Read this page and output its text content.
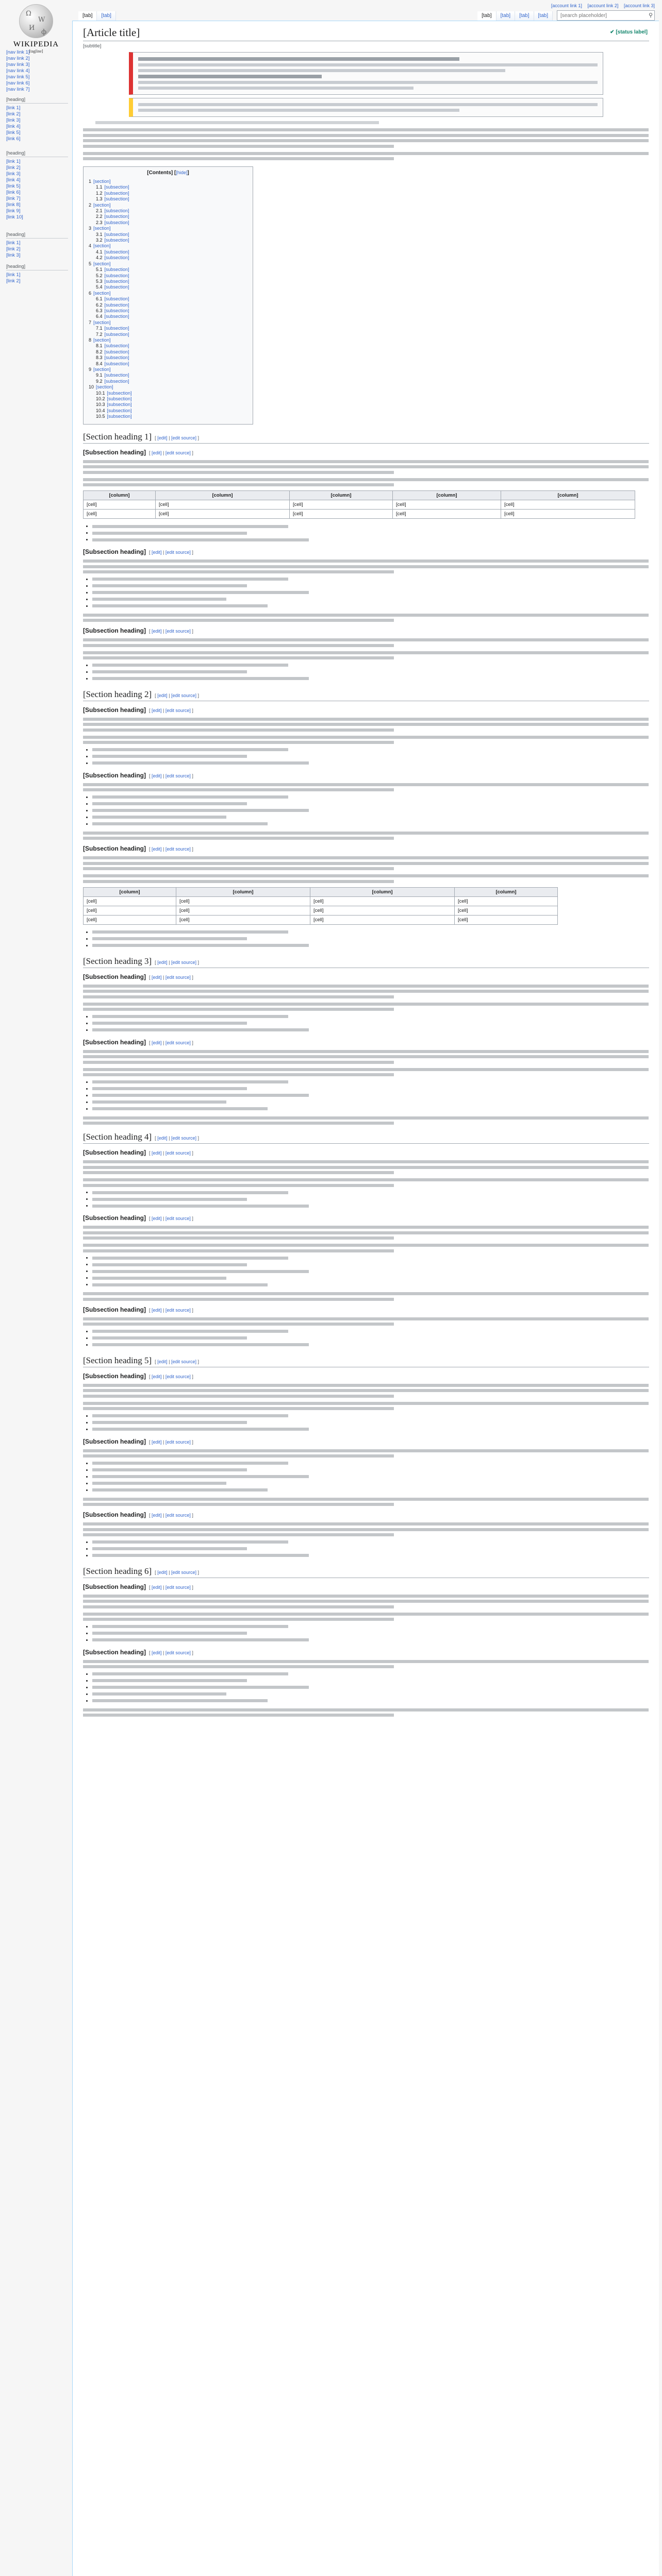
Ω
W
И
ф
WIKIPEDIA
[tagline]
[nav link 1]
[nav link 2]
[nav link 3]
[nav link 4]
[nav link 5]
[nav link 6]
[nav link 7]
[heading]
[link 1]
[link 2]
[link 3]
[link 4]
[link 5]
[link 6]
[heading]
[link 1]
[link 2]
[link 3]
[link 4]
[link 5]
[link 6]
[link 7]
[link 8]
[link 9]
[link 10]
[heading]
[link 1]
[link 2]
[link 3]
[heading]
[link 1]
[link 2]
[account link 1] [account link 2] [account link 3]
[tab]	[tab]	[tab]	[tab]	[tab]	[tab]
[search placeholder]	⚲
[Article title]	✔ [status label]
[subtitle]
[Contents] [[hide]]
1 [section]
1.1 [subsection]
1.2 [subsection]
1.3 [subsection]
2 [section]
2.1 [subsection]
2.2 [subsection]
2.3 [subsection]
3 [section]
3.1 [subsection]
3.2 [subsection]
4 [section]
4.1 [subsection]
4.2 [subsection]
5 [section]
5.1 [subsection]
5.2 [subsection]
5.3 [subsection]
5.4 [subsection]
6 [section]
6.1 [subsection]
6.2 [subsection]
6.3 [subsection]
6.4 [subsection]
7 [section]
7.1 [subsection]
7.2 [subsection]
8 [section]
8.1 [subsection]
8.2 [subsection]
8.3 [subsection]
8.4 [subsection]
9 [section]
9.1 [subsection]
9.2 [subsection]
10 [section]
10.1 [subsection]
10.2 [subsection]
10.3 [subsection]
10.4 [subsection]
10.5 [subsection]
[Section heading 1] [ [edit] | [edit source] ]
[Subsection heading] [ [edit] | [edit source] ]
[column]	[column]	[column]	[column]	[column]
[cell]	[cell]	[cell]	[cell]	[cell]
[cell]	[cell]	[cell]	[cell]	[cell]
•
•
•
[Subsection heading] [ [edit] | [edit source] ]
•
•
•
•
•
[Subsection heading] [ [edit] | [edit source] ]
•
•
•
[Section heading 2] [ [edit] | [edit source] ]
[Subsection heading] [ [edit] | [edit source] ]
•
•
•
[Subsection heading] [ [edit] | [edit source] ]
•
•
•
•
•
[Subsection heading] [ [edit] | [edit source] ]
[column]	[column]	[column]	[column]
[cell]	[cell]	[cell]	[cell]
[cell]	[cell]	[cell]	[cell]
[cell]	[cell]	[cell]	[cell]
•
•
•
[Section heading 3] [ [edit] | [edit source] ]
[Subsection heading] [ [edit] | [edit source] ]
•
•
•
[Subsection heading] [ [edit] | [edit source] ]
•
•
•
•
•
[Section heading 4] [ [edit] | [edit source] ]
[Subsection heading] [ [edit] | [edit source] ]
•
•
•
[Subsection heading] [ [edit] | [edit source] ]
•
•
•
•
•
[Subsection heading] [ [edit] | [edit source] ]
•
•
•
[Section heading 5] [ [edit] | [edit source] ]
[Subsection heading] [ [edit] | [edit source] ]
•
•
•
[Subsection heading] [ [edit] | [edit source] ]
•
•
•
•
•
[Subsection heading] [ [edit] | [edit source] ]
•
•
•
[Section heading 6] [ [edit] | [edit source] ]
[Subsection heading] [ [edit] | [edit source] ]
•
•
•
[Subsection heading] [ [edit] | [edit source] ]
•
•
•
•
•
